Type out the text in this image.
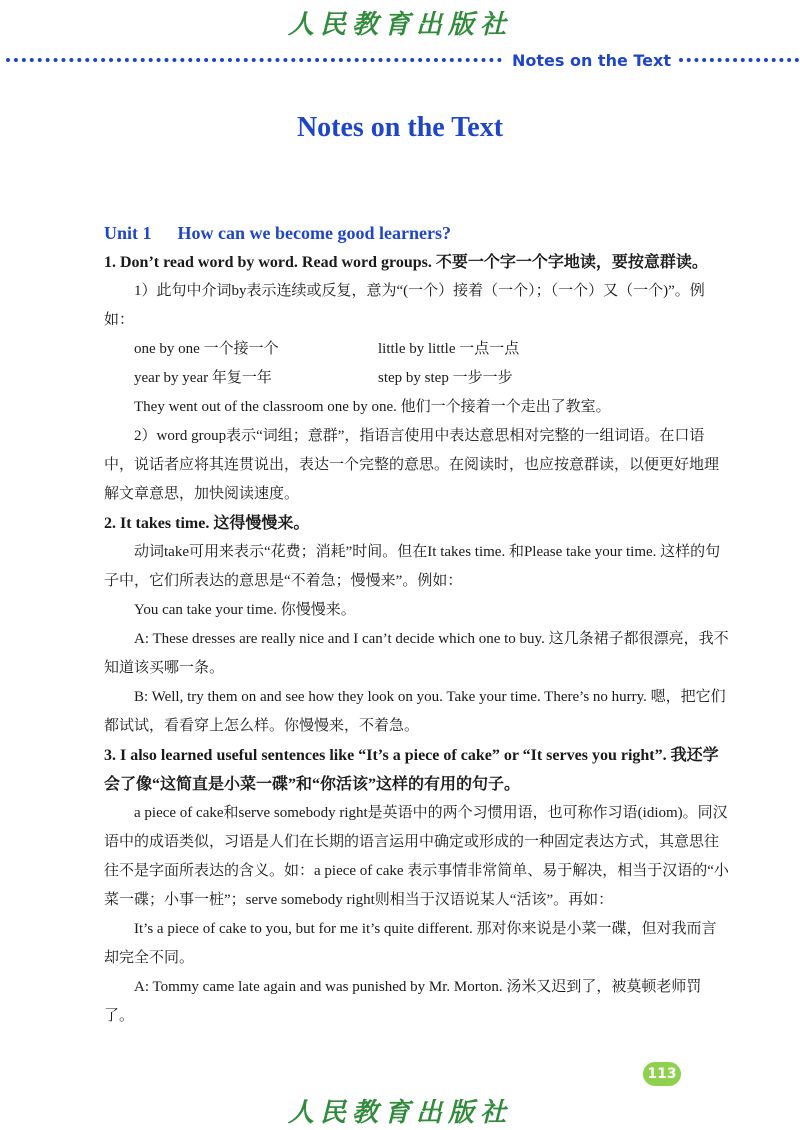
人民教育出版社
Notes on the Text
Notes on the Text

Unit 1 How can we become good learners?

1. Don’t read word by word. Read word groups. 不要一个字一个字地读，要按意群读。

1）此句中介词by表示连续或反复，意为“(一个）接着（一个）；（一个）又（一个)”。例如：

one by one 一个接一个	little by little 一点一点
year by year 年复一年	step by step 一步一步

They went out of the classroom one by one. 他们一个接着一个走出了教室。

2）word group表示“词组；意群”，指语言使用中表达意思相对完整的一组词语。在口语中，说话者应将其连贯说出，表达一个完整的意思。在阅读时，也应按意群读，以便更好地理解文章意思，加快阅读速度。

2. It takes time. 这得慢慢来。

动词take可用来表示“花费；消耗”时间。但在It takes time. 和Please take your time. 这样的句子中，它们所表达的意思是“不着急；慢慢来”。例如：

You can take your time. 你慢慢来。

A: These dresses are really nice and I can’t decide which one to buy. 这几条裙子都很漂亮，我不知道该买哪一条。

B: Well, try them on and see how they look on you. Take your time. There’s no hurry. 嗯，把它们都试试，看看穿上怎么样。你慢慢来，不着急。

3. I also learned useful sentences like “It’s a piece of cake” or “It serves you right”. 我还学会了像“这简直是小菜一碟”和“你活该”这样的有用的句子。

a piece of cake和serve somebody right是英语中的两个习惯用语，也可称作习语(idiom)。同汉语中的成语类似，习语是人们在长期的语言运用中确定或形成的一种固定表达方式，其意思往往不是字面所表达的含义。如：a piece of cake 表示事情非常简单、易于解决，相当于汉语的“小菜一碟；小事一桩”；serve somebody right则相当于汉语说某人“活该”。再如：

It’s a piece of cake to you, but for me it’s quite different. 那对你来说是小菜一碟，但对我而言却完全不同。

A: Tommy came late again and was punished by Mr. Morton. 汤米又迟到了，被莫顿老师罚了。

113
人民教育出版社
